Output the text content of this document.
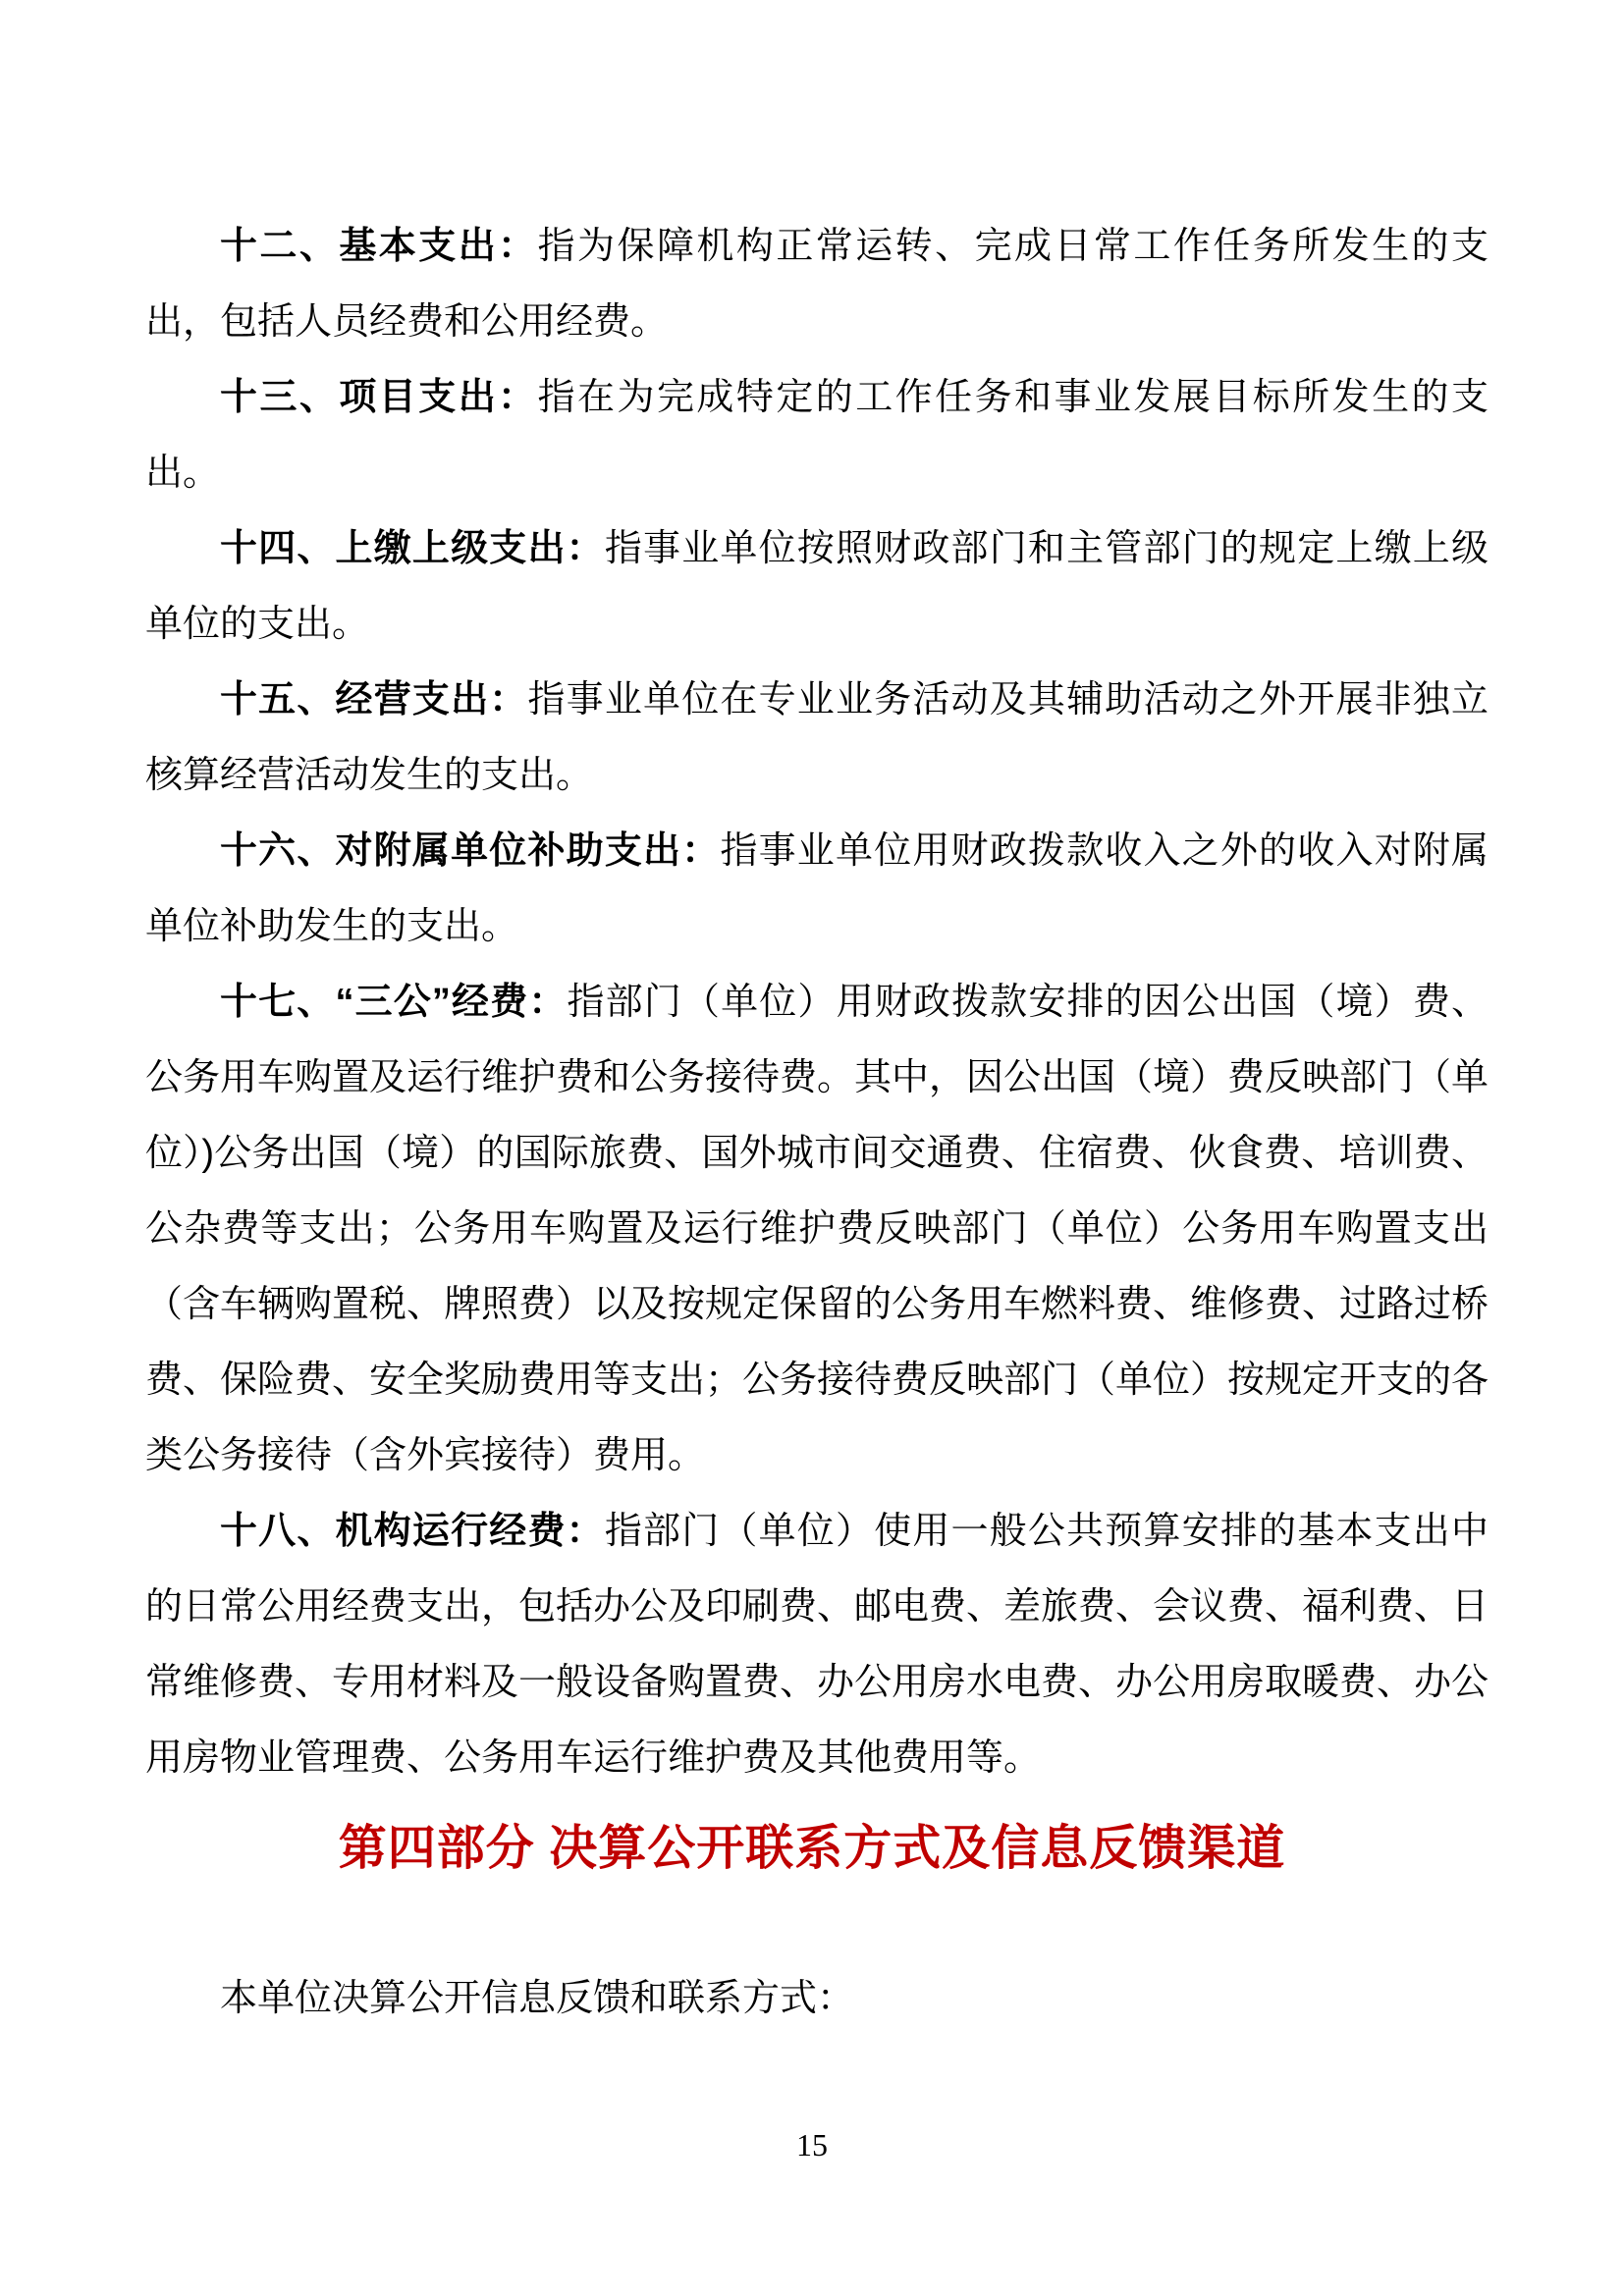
十二、基本支出：指为保障机构正常运转、完成日常工作任务所发生的支出，包括人员经费和公用经费。

十三、项目支出：指在为完成特定的工作任务和事业发展目标所发生的支出。

十四、上缴上级支出：指事业单位按照财政部门和主管部门的规定上缴上级单位的支出。

十五、经营支出：指事业单位在专业业务活动及其辅助活动之外开展非独立核算经营活动发生的支出。

十六、对附属单位补助支出：指事业单位用财政拨款收入之外的收入对附属单位补助发生的支出。

十七、“三公”经费：指部门（单位）用财政拨款安排的因公出国（境）费、公务用车购置及运行维护费和公务接待费。其中，因公出国（境）费反映部门（单位）)公务出国（境）的国际旅费、国外城市间交通费、住宿费、伙食费、培训费、公杂费等支出；公务用车购置及运行维护费反映部门（单位）公务用车购置支出（含车辆购置税、牌照费）以及按规定保留的公务用车燃料费、维修费、过路过桥费、保险费、安全奖励费用等支出；公务接待费反映部门（单位）按规定开支的各类公务接待（含外宾接待）费用。

十八、机构运行经费：指部门（单位）使用一般公共预算安排的基本支出中的日常公用经费支出，包括办公及印刷费、邮电费、差旅费、会议费、福利费、日常维修费、专用材料及一般设备购置费、办公用房水电费、办公用房取暖费、办公用房物业管理费、公务用车运行维护费及其他费用等。

第四部分 决算公开联系方式及信息反馈渠道

本单位决算公开信息反馈和联系方式：

15
